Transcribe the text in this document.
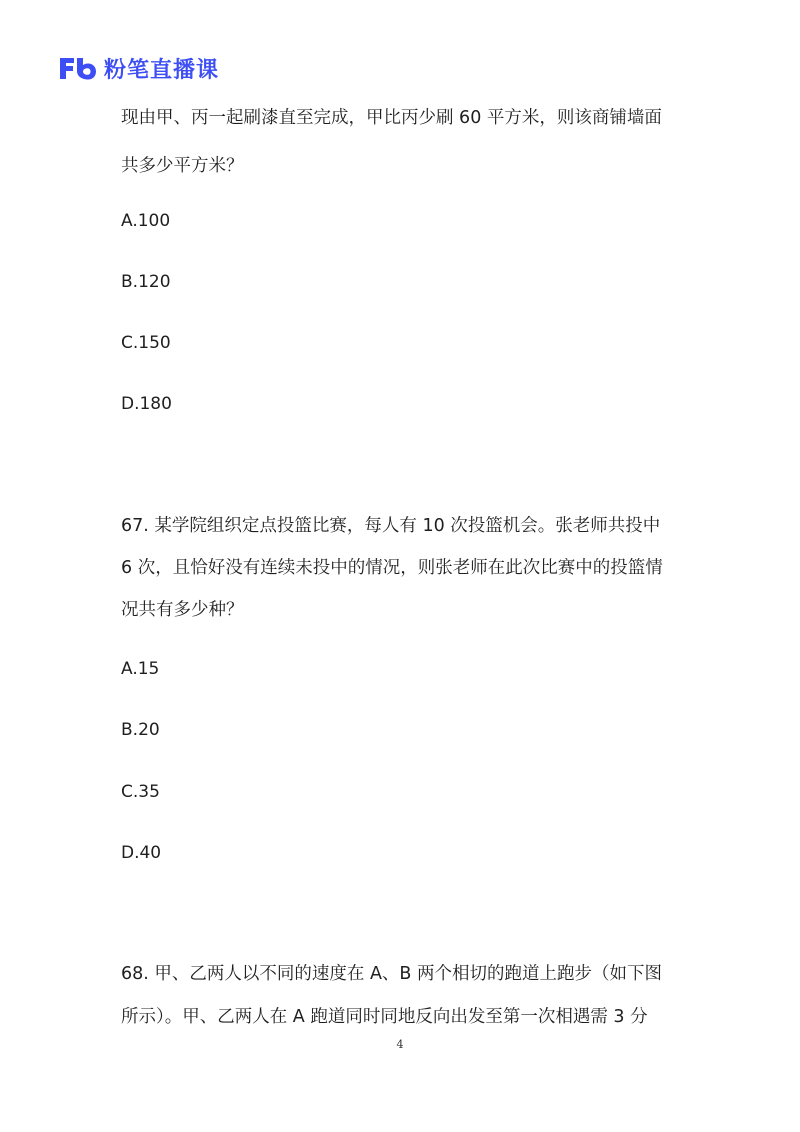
粉笔直播课
现由甲、丙一起刷漆直至完成，甲比丙少刷 60 平方米，则该商铺墙面
共多少平方米？
A.100
B.120
C.150
D.180
67. 某学院组织定点投篮比赛，每人有 10 次投篮机会。张老师共投中
6 次，且恰好没有连续未投中的情况，则张老师在此次比赛中的投篮情
况共有多少种？
A.15
B.20
C.35
D.40
68. 甲、乙两人以不同的速度在 A、B 两个相切的跑道上跑步（如下图
所示）。甲、乙两人在 A 跑道同时同地反向出发至第一次相遇需 3 分
4
